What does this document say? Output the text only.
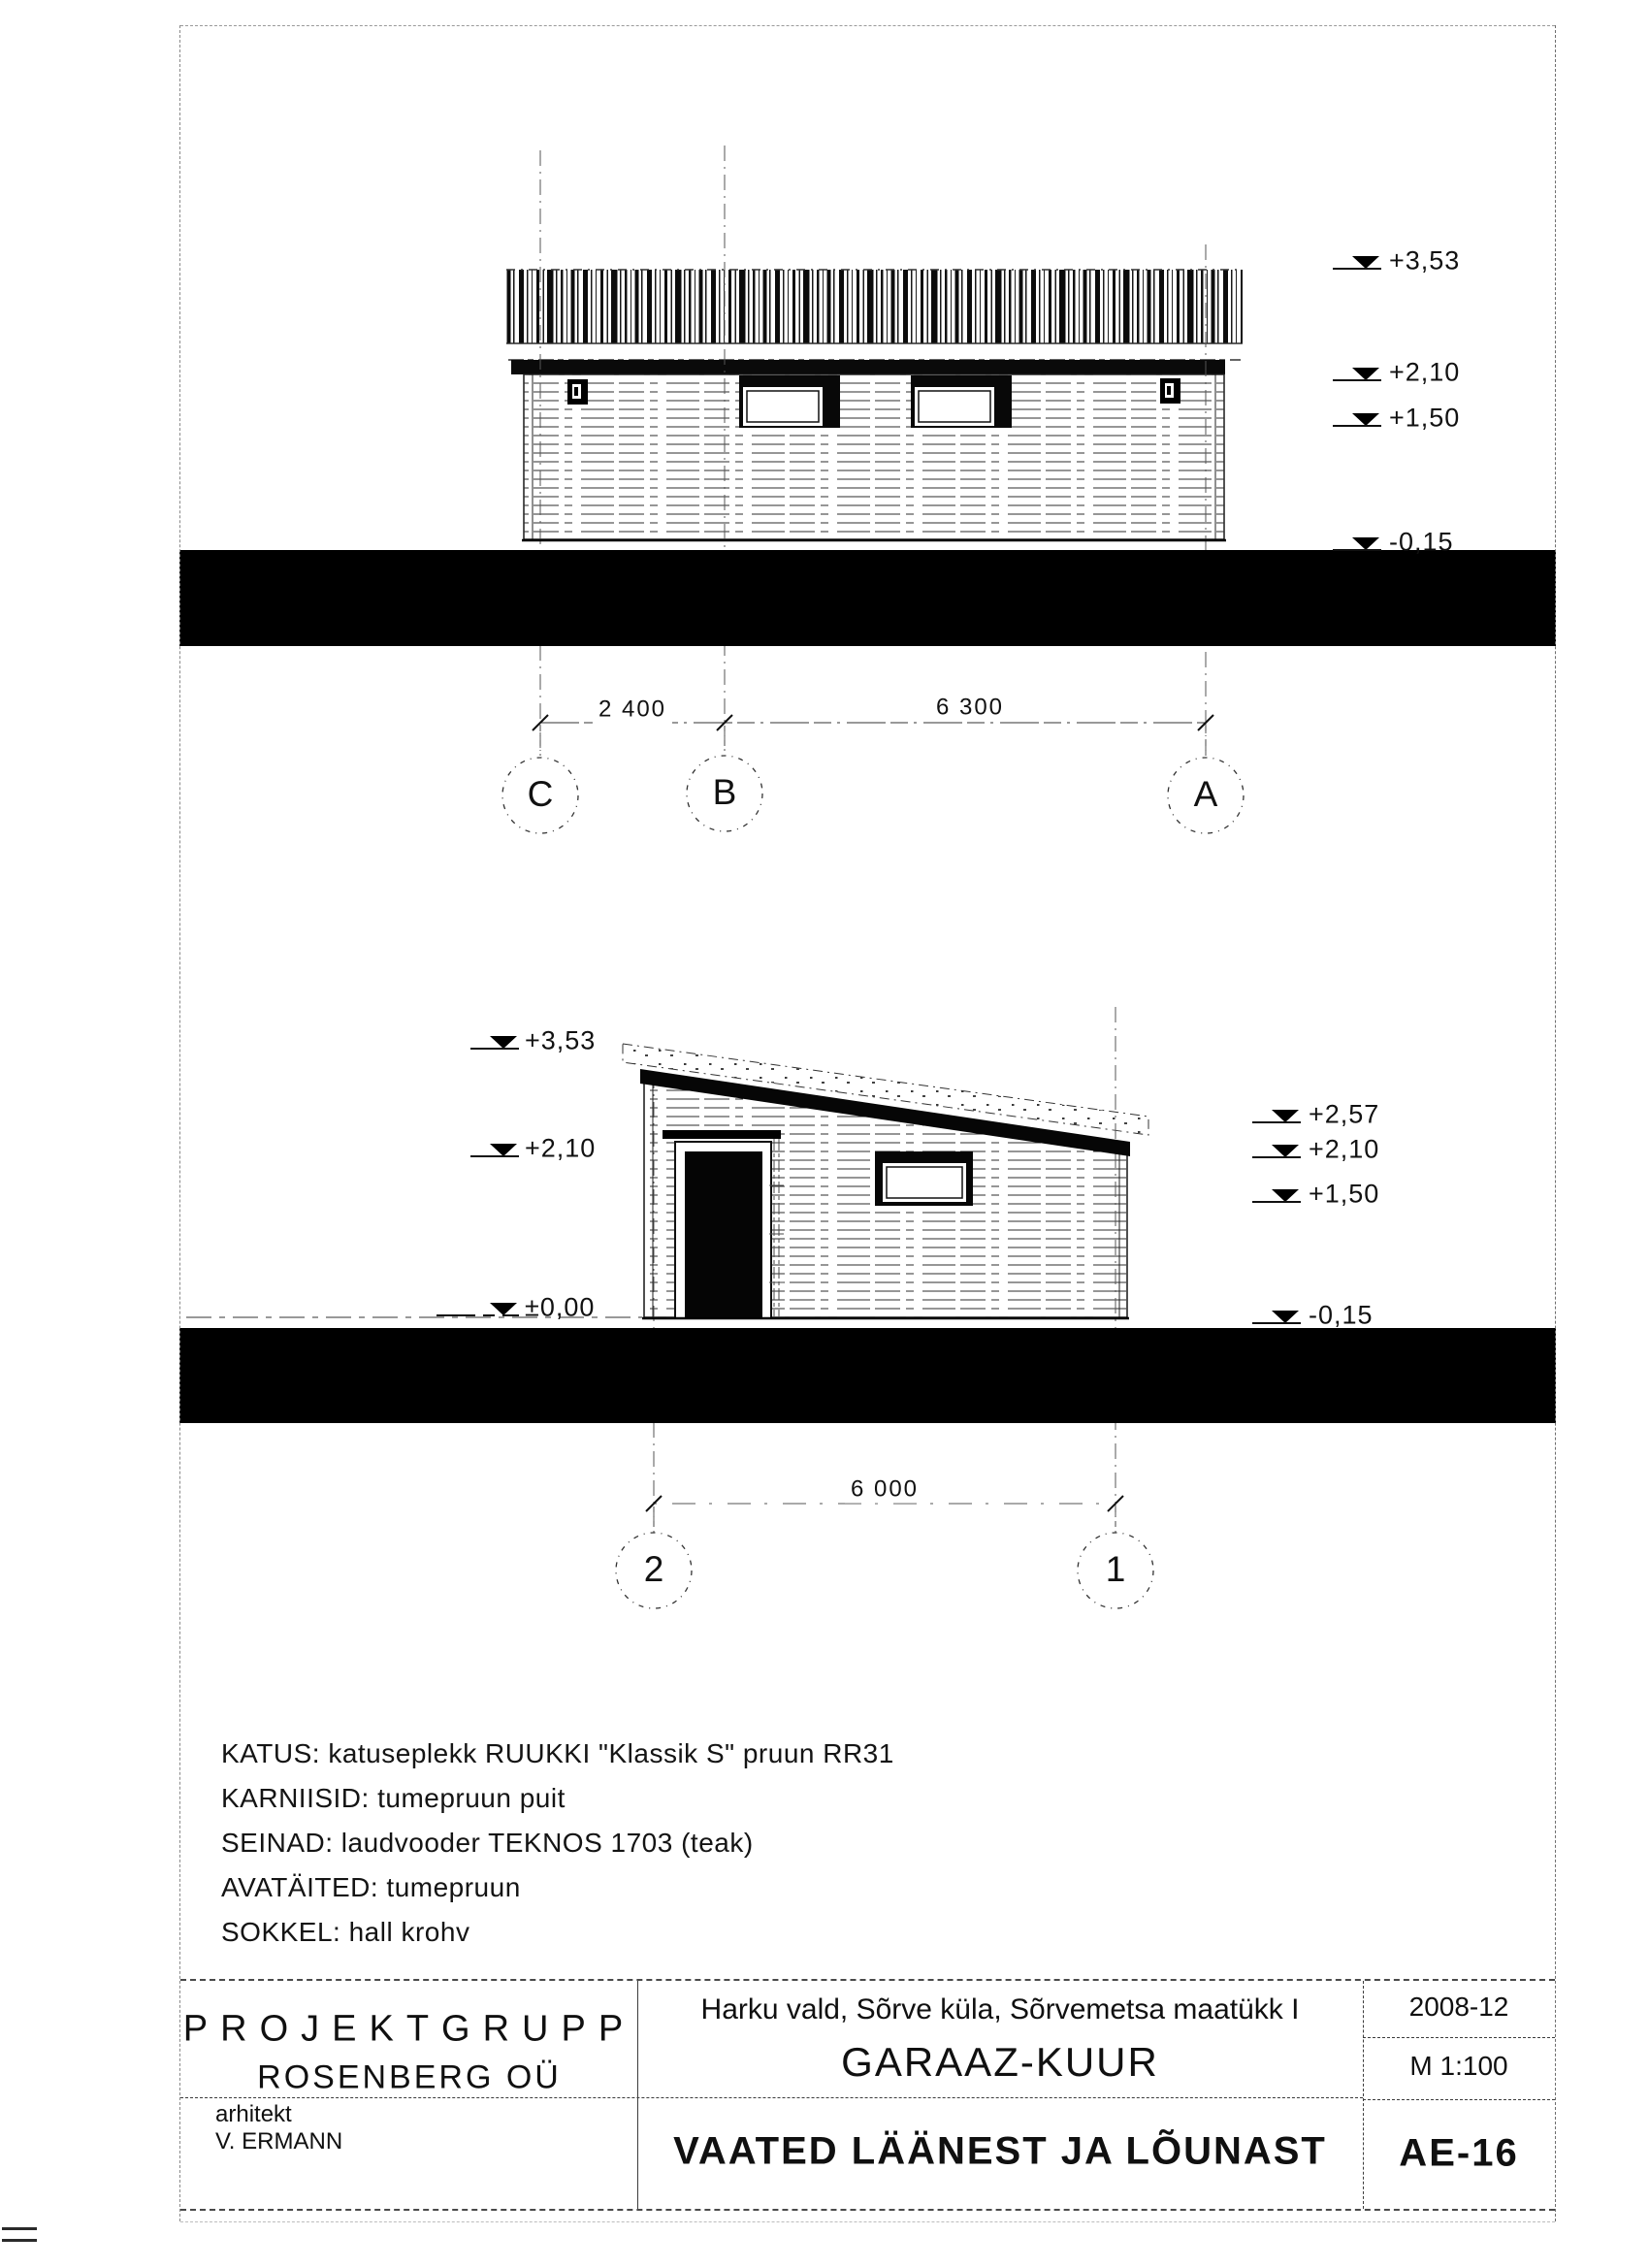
+3,53
+2,10
+1,50
-0,15
2 400	6 300
C	B	A
+3,53
+2,10
±0,00
+2,57
+2,10
+1,50
-0,15
6 000
2	1
KATUS: katuseplekk RUUKKI "Klassik S" pruun RR31
KARNIISID: tumepruun puit
SEINAD: laudvooder TEKNOS 1703 (teak)
AVATÄITED: tumepruun
SOKKEL: hall krohv
PROJEKTGRUPP
ROSENBERG OÜ
arhitekt
V. ERMANN
Harku vald, Sõrve küla, Sõrvemetsa maatükk I
GARAAZ-KUUR
VAATED LÄÄNEST JA LÕUNAST
2008-12
M 1:100
AE-16
